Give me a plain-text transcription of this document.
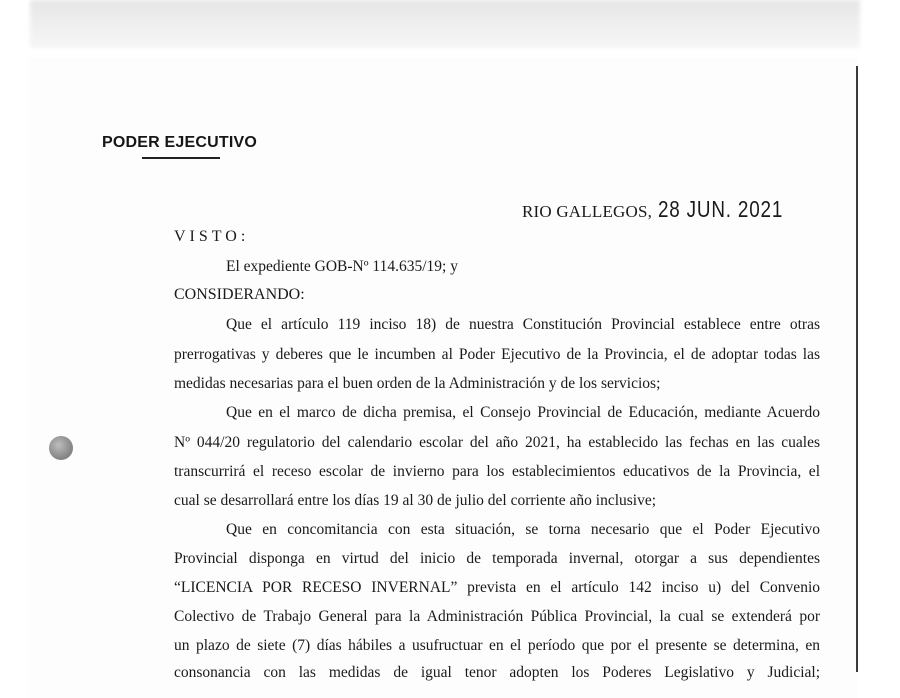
PODER EJECUTIVO
RIO GALLEGOS, 28 JUN. 2021
VISTO:
El expediente GOB-Nº 114.635/19; y
CONSIDERANDO:
Que el artículo 119 inciso 18) de nuestra Constitución Provincial establece entre otras
prerrogativas y deberes que le incumben al Poder Ejecutivo de la Provincia, el de adoptar todas las
medidas necesarias para el buen orden de la Administración y de los servicios;
Que en el marco de dicha premisa, el Consejo Provincial de Educación, mediante Acuerdo
Nº 044/20 regulatorio del calendario escolar del año 2021, ha establecido las fechas en las cuales
transcurrirá el receso escolar de invierno para los establecimientos educativos de la Provincia, el
cual se desarrollará entre los días 19 al 30 de julio del corriente año inclusive;
Que en concomitancia con esta situación, se torna necesario que el Poder Ejecutivo
Provincial disponga en virtud del inicio de temporada invernal, otorgar a sus dependientes
“LICENCIA POR RECESO INVERNAL” prevista en el artículo 142 inciso u) del Convenio
Colectivo de Trabajo General para la Administración Pública Provincial, la cual se extenderá por
un plazo de siete (7) días hábiles a usufructuar en el período que por el presente se determina, en
consonancia con las medidas de igual tenor adopten los Poderes Legislativo y Judicial;
